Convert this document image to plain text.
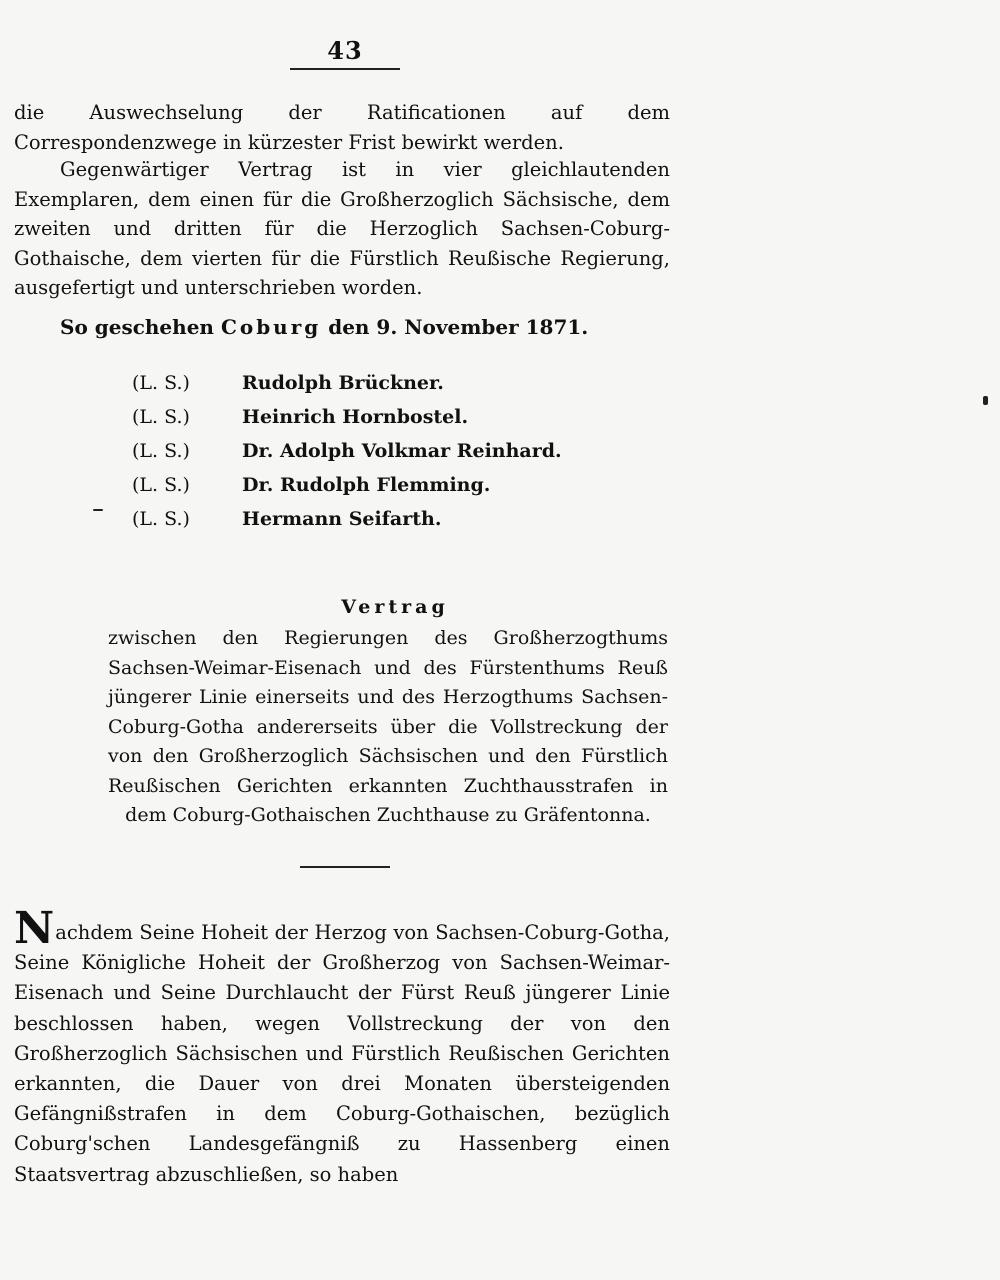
43
die Auswechselung der Ratificationen auf dem Correspondenzwege in kürzester Frist bewirkt werden.
Gegenwärtiger Vertrag ist in vier gleichlautenden Exemplaren, dem einen für die Großherzoglich Sächsische, dem zweiten und dritten für die Herzoglich Sachsen-Coburg-Gothaische, dem vierten für die Fürstlich Reußische Regierung, ausgefertigt und unterschrieben worden.
So geschehen Coburg den 9. November 1871.
(L. S.)	Rudolph Brückner.
(L. S.)	Heinrich Hornbostel.
(L. S.)	Dr. Adolph Volkmar Reinhard.
(L. S.)	Dr. Rudolph Flemming.
(L. S.)	Hermann Seifarth.
Vertrag
zwischen den Regierungen des Großherzogthums Sachsen-Weimar-Eisenach und des Fürstenthums Reuß jüngerer Linie einerseits und des Herzogthums Sachsen-Coburg-Gotha andererseits über die Vollstreckung der von den Großherzoglich Sächsischen und den Fürstlich Reußischen Gerichten erkannten Zuchthausstrafen in dem Coburg-Gothaischen Zuchthause zu Gräfentonna.
Nachdem Seine Hoheit der Herzog von Sachsen-Coburg-Gotha, Seine Königliche Hoheit der Großherzog von Sachsen-Weimar-Eisenach und Seine Durchlaucht der Fürst Reuß jüngerer Linie beschlossen haben, wegen Vollstreckung der von den Großherzoglich Sächsischen und Fürstlich Reußischen Gerichten erkannten, die Dauer von drei Monaten übersteigenden Gefängnißstrafen in dem Coburg-Gothaischen, bezüglich Coburg'schen Landesgefängniß zu Hassenberg einen Staatsvertrag abzuschließen, so haben
